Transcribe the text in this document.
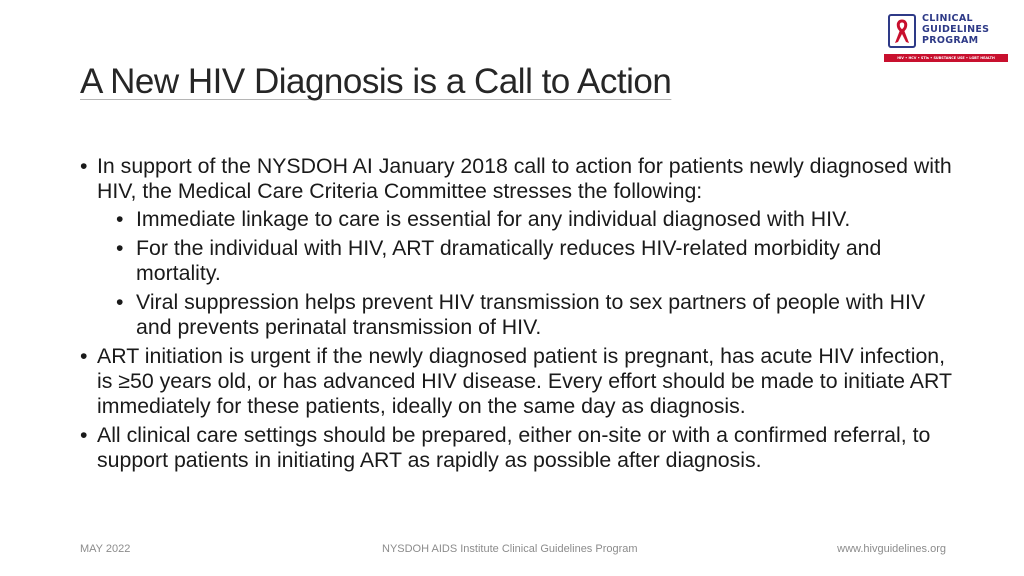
A New HIV Diagnosis is a Call to Action
CLINICAL
GUIDELINES
PROGRAM
HIV • HCV • STIs • SUBSTANCE USE • LGBT HEALTH
• In support of the NYSDOH AI January 2018 call to action for patients newly diagnosed with HIV, the Medical Care Criteria Committee stresses the following:
• Immediate linkage to care is essential for any individual diagnosed with HIV.
• For the individual with HIV, ART dramatically reduces HIV-related morbidity and mortality.
• Viral suppression helps prevent HIV transmission to sex partners of people with HIV and prevents perinatal transmission of HIV.
• ART initiation is urgent if the newly diagnosed patient is pregnant, has acute HIV infection, is ≥50 years old, or has advanced HIV disease. Every effort should be made to initiate ART immediately for these patients, ideally on the same day as diagnosis.
• All clinical care settings should be prepared, either on-site or with a confirmed referral, to support patients in initiating ART as rapidly as possible after diagnosis.
MAY 2022	NYSDOH AIDS Institute Clinical Guidelines Program	www.hivguidelines.org
